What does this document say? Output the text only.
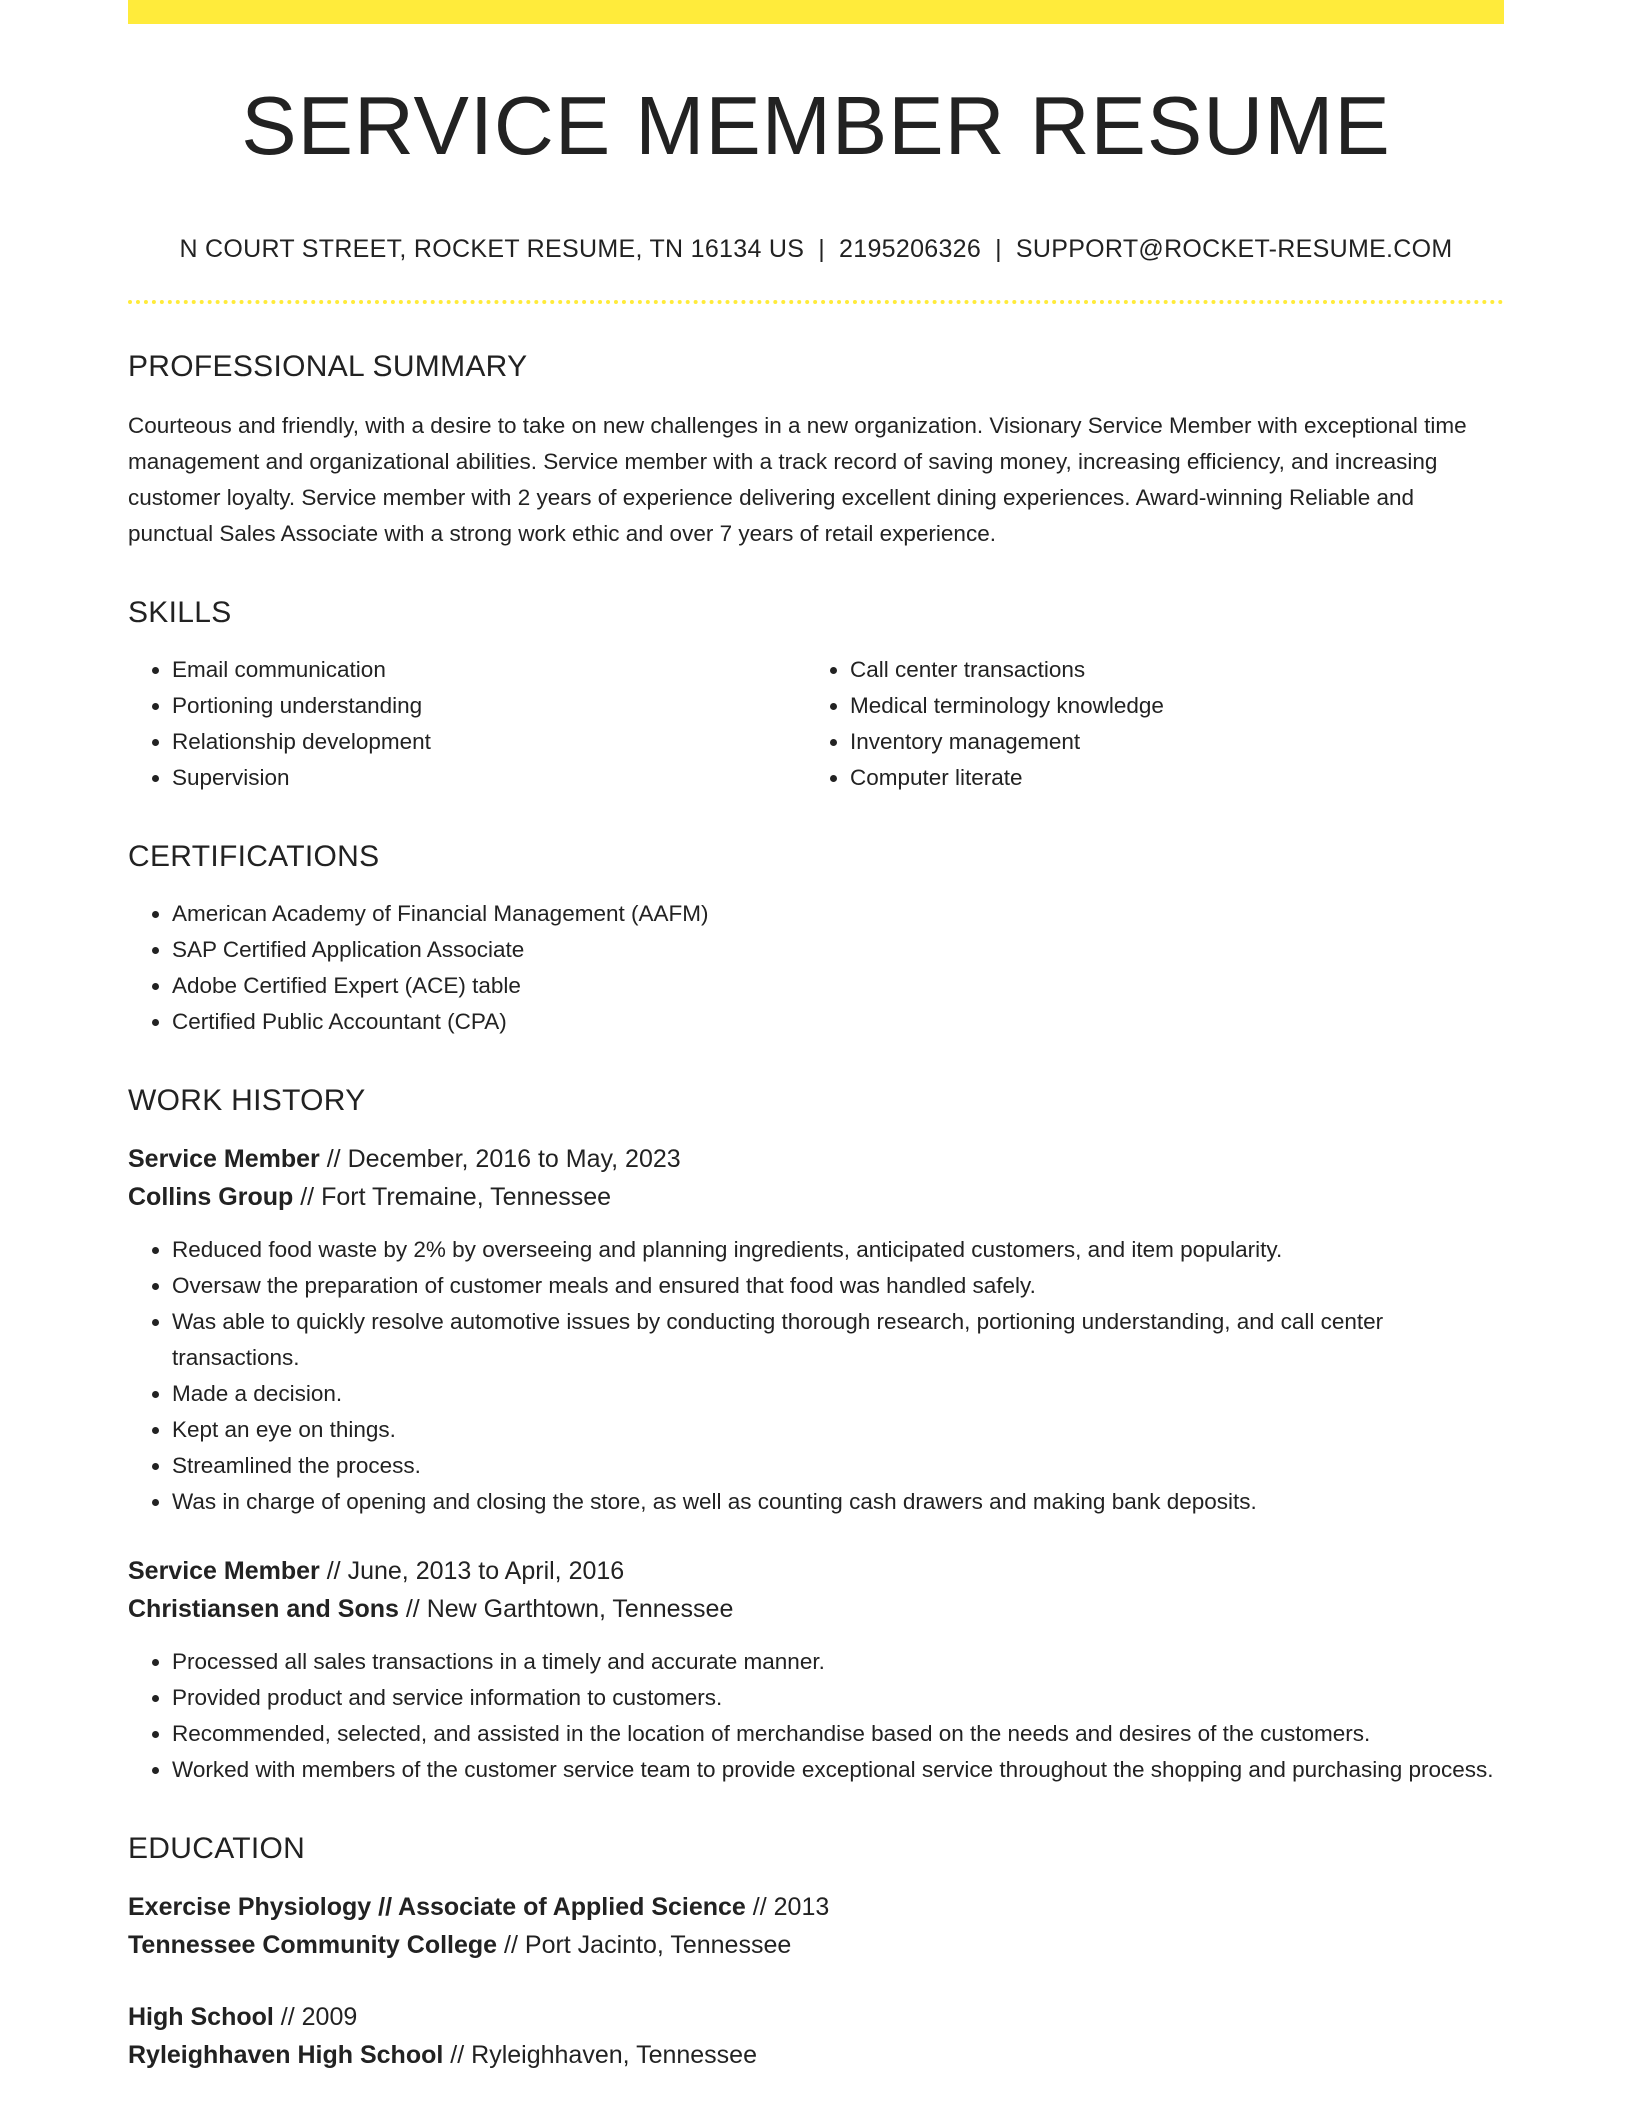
SERVICE MEMBER RESUME
N COURT STREET, ROCKET RESUME, TN 16134 US | 2195206326 | SUPPORT@ROCKET-RESUME.COM
PROFESSIONAL SUMMARY

Courteous and friendly, with a desire to take on new challenges in a new organization. Visionary Service Member with exceptional time management and organizational abilities. Service member with a track record of saving money, increasing efficiency, and increasing customer loyalty. Service member with 2 years of experience delivering excellent dining experiences. Award-winning Reliable and punctual Sales Associate with a strong work ethic and over 7 years of retail experience.

SKILLS
• Email communication
• Portioning understanding
• Relationship development
• Supervision
• Call center transactions
• Medical terminology knowledge
• Inventory management
• Computer literate
CERTIFICATIONS
• American Academy of Financial Management (AAFM)
• SAP Certified Application Associate
• Adobe Certified Expert (ACE) table
• Certified Public Accountant (CPA)
WORK HISTORY
Service Member // December, 2016 to May, 2023
Collins Group // Fort Tremaine, Tennessee
• Reduced food waste by 2% by overseeing and planning ingredients, anticipated customers, and item popularity.
• Oversaw the preparation of customer meals and ensured that food was handled safely.
• Was able to quickly resolve automotive issues by conducting thorough research, portioning understanding, and call center transactions.
• Made a decision.
• Kept an eye on things.
• Streamlined the process.
• Was in charge of opening and closing the store, as well as counting cash drawers and making bank deposits.
Service Member // June, 2013 to April, 2016
Christiansen and Sons // New Garthtown, Tennessee
• Processed all sales transactions in a timely and accurate manner.
• Provided product and service information to customers.
• Recommended, selected, and assisted in the location of merchandise based on the needs and desires of the customers.
• Worked with members of the customer service team to provide exceptional service throughout the shopping and purchasing process.
EDUCATION
Exercise Physiology // Associate of Applied Science // 2013
Tennessee Community College // Port Jacinto, Tennessee
High School // 2009
Ryleighhaven High School // Ryleighhaven, Tennessee
